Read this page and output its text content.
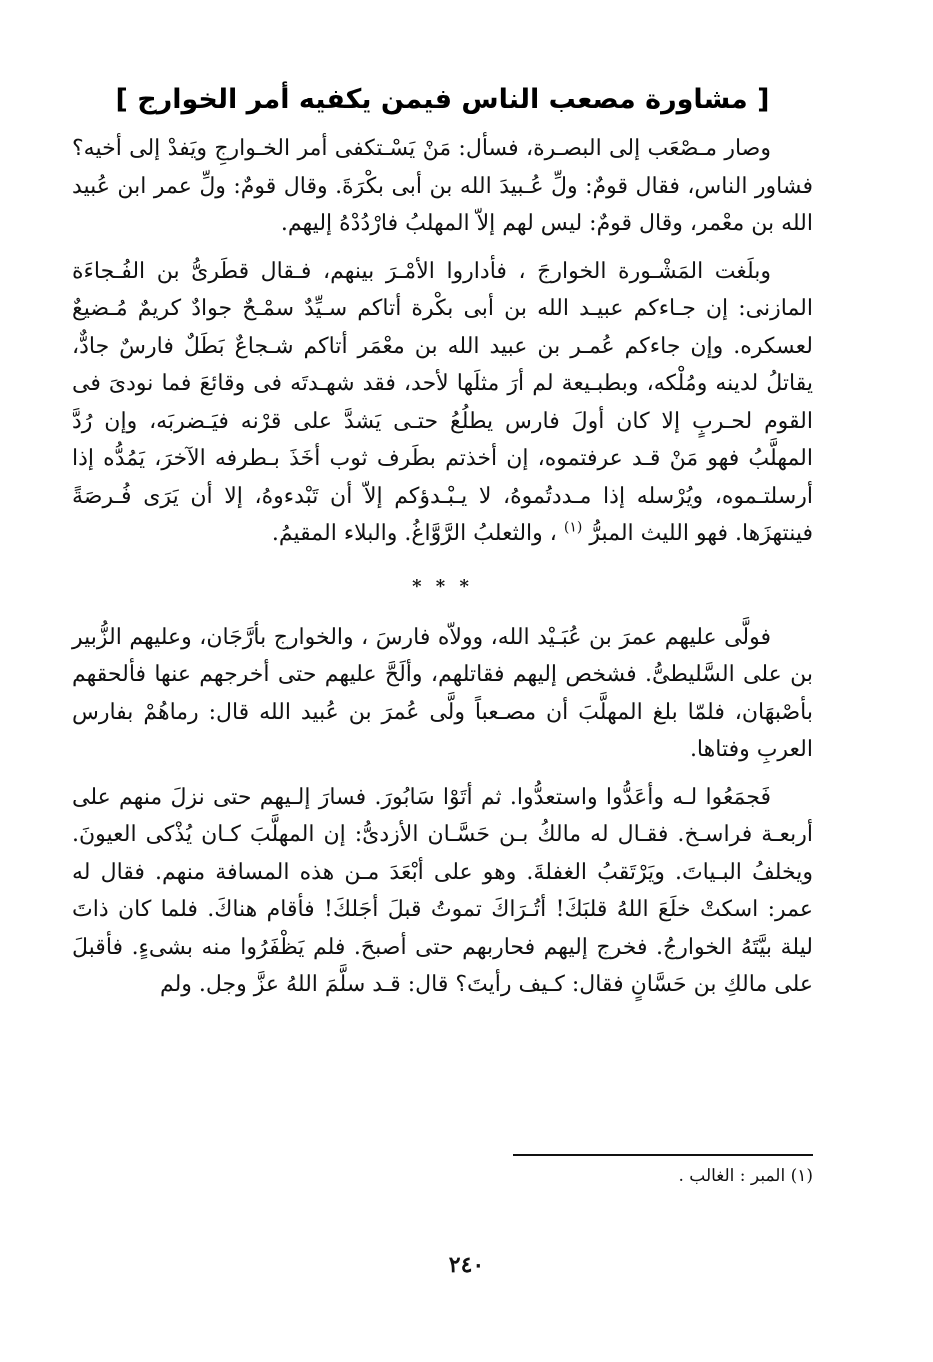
[ مشاورة مصعب الناس فيمن يكفيه أمر الخوارج ]

وصار مـصْعَب إلى البصـرة، فسأل: مَنْ يَسْـتكفى أمر الخـوارجِ ويَفدْ إلى أخيه؟ فشاور الناس، فقال قومٌ: ولِّ عُـبيدَ الله بن أبى بكْرَةَ. وقال قومٌ: ولِّ عمر ابن عُبيد الله بن معْمر، وقال قومٌ: ليس لهم إلاّ المهلبُ فارْدُدْهُ إليهم.

وبلَغت المَشْـورة الخوارجَ ، فأداروا الأمْـرَ بينهم، فـقال قطَرىُّ بن الفُـجاءَة المازنى: إن جـاءكم عبيـد الله بن أبى بكْرة أتاكم سـيِّدٌ سمْـحٌ جوادٌ كريمٌ مُـضيعٌ لعسكره. وإن جاءكم عُمـر بن عبيد الله بن معْمَر أتاكم شـجاعٌ بَطَلٌ فارسٌ جادٌّ، يقاتلُ لدينه ومُلْكه، وبطبـيعة لم أرَ مثلَها لأحد، فقد شهـدتَه فى وقائعَ فما نودىَ فى القوم لحـربٍ إلا كان أولَ فارس يطلُعُ حتـى يَشدَّ على قرْنه فيَـضربَه، وإن رُدَّ المهلَّبُ فهو مَنْ قـد عرفتموه، إن أخذتم بطَرف ثوب أخَذَ بـطرفه الآخرَ، يَمُدُّه إذا أرسلتـموه، ويُرْسله إذا مـددتُموهُ، لا يـبْـدؤكم إلاّ أن تَبْدءوهُ، إلا أن يَرَى فُـرصَةً فينتهزَها. فهو الليث المبرُّ $^{(١)}$ ، والثعلبُ الرَّوَّاغُ. والبلاء المقيمُ.

* * *

فولَّى عليهم عمرَ بن عُبَـيْد الله، وولاّه فارسَ ، والخوارج بأرَّجَان، وعليهم الزُّبير بن على السَّليطىُّ. فشخص إليهم فقاتلهم، وألَحَّ عليهم حتى أخرجهم عنها فألحقهم بأصْبهَان، فلمّا بلغ المهلَّبَ أن مصـعباً ولَّى عُمرَ بن عُبيد الله قال: رماهُمْ بفارس العربِ وفتاها.

فَجمَعُوا لـه وأعَدُّوا واستعدُّوا. ثم أتَوْا سَابُورَ. فسارَ إلـيهم حتى نزلَ منهم على أربعـة فراسـخ. فقـال له مالكُ بـن حَسَّـان الأزدىُّ: إن المهلَّبَ كـان يُذْكى العيونَ. ويخلفُ البـياتَ. ويَرْتَقبُ الغفلةَ. وهو على أبْعَدَ مـن هذه المسافة منهم. فقال له عمر: اسكتْ خلَعَ اللهُ قلبَكَ! أتُـرَاكَ تموتُ قبلَ أجَلكَ! فأقام هناكَ. فلما كان ذاتَ ليلة بيَّتَهُ الخوارجُ. فخرج إليهم فحاربهم حتى أصبحَ. فلم يَظْفَرُوا منه بشىءٍ. فأقبلَ على مالكِ بن حَسَّانٍ فقال: كـيف رأيتَ؟ قال: قـد سلَّمَ اللهُ عزَّ وجل. ولم

(١) المبر : الغالب .
٢٤٠
